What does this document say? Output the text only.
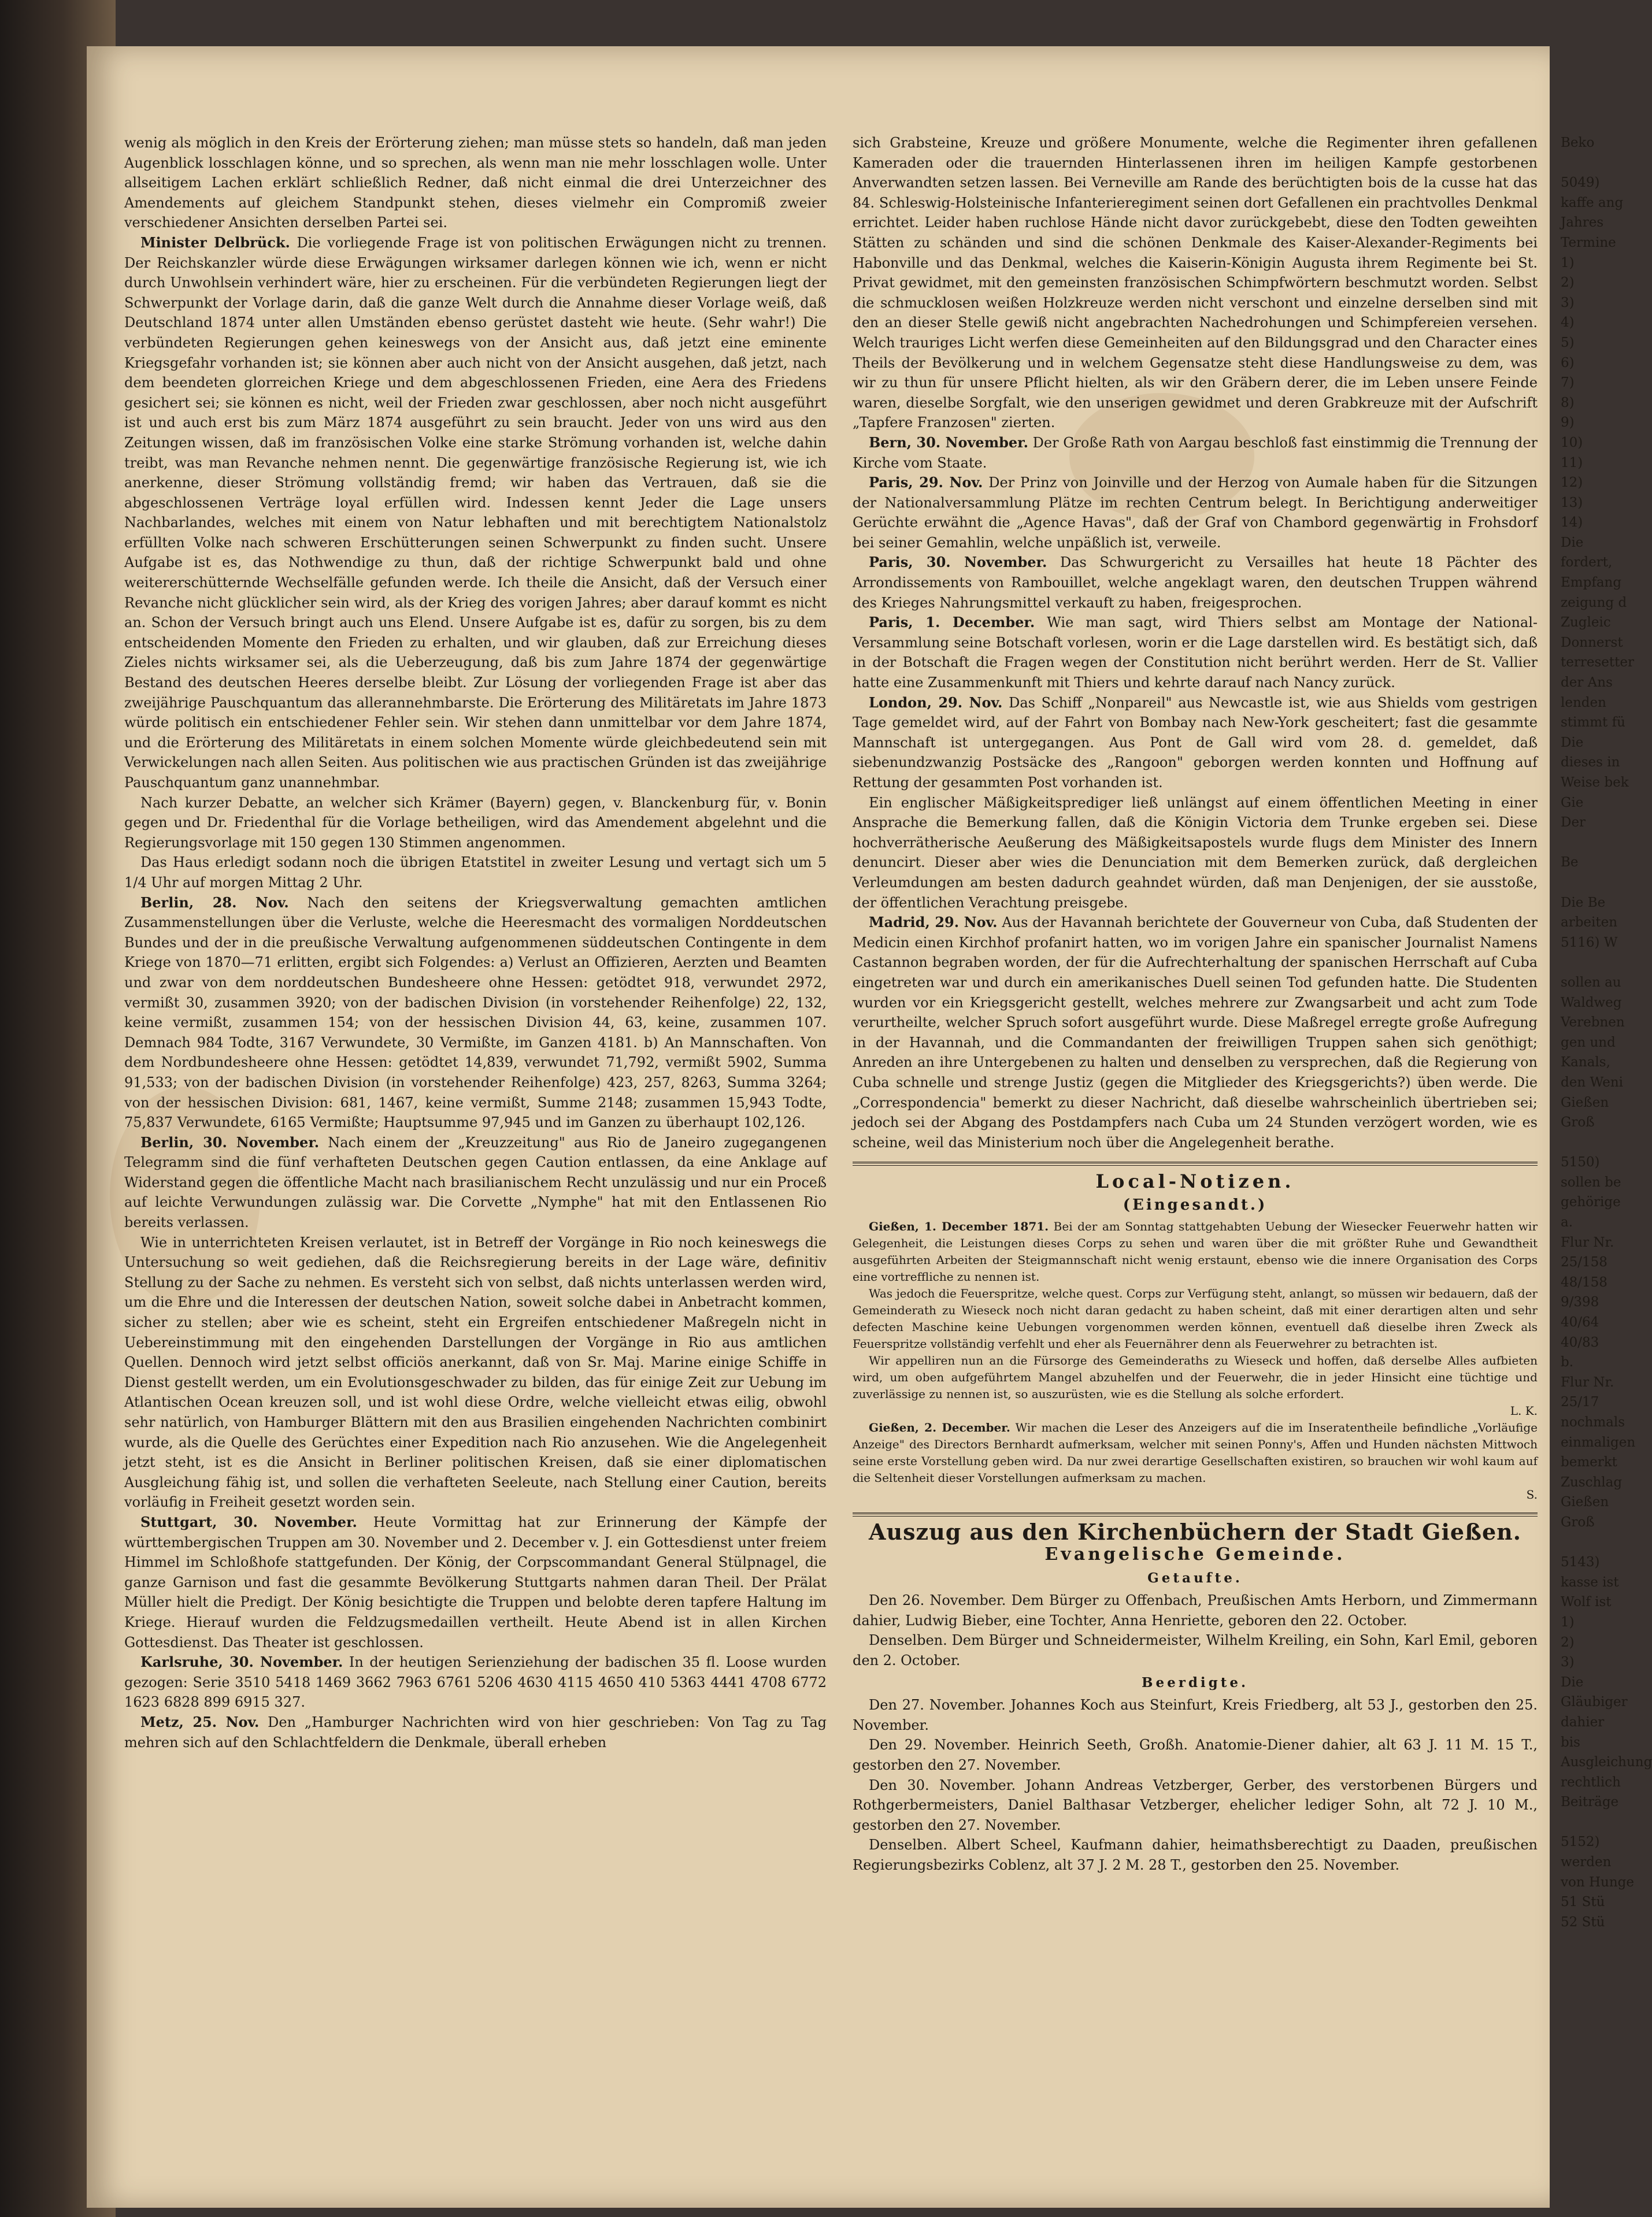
wenig als möglich in den Kreis der Erörterung ziehen; man müsse stets so handeln, daß man jeden Augenblick losschlagen könne, und so sprechen, als wenn man nie mehr losschlagen wolle. Unter allseitigem Lachen erklärt schließlich Redner, daß nicht einmal die drei Unterzeichner des Amendements auf gleichem Standpunkt stehen, dieses vielmehr ein Compromiß zweier verschiedener Ansichten derselben Partei sei.

Minister Delbrück. Die vorliegende Frage ist von politischen Erwägungen nicht zu trennen. Der Reichskanzler würde diese Erwägungen wirksamer darlegen können wie ich, wenn er nicht durch Unwohlsein verhindert wäre, hier zu erscheinen. Für die verbündeten Regierungen liegt der Schwerpunkt der Vorlage darin, daß die ganze Welt durch die Annahme dieser Vorlage weiß, daß Deutschland 1874 unter allen Umständen ebenso gerüstet dasteht wie heute. (Sehr wahr!) Die verbündeten Regierungen gehen keineswegs von der Ansicht aus, daß jetzt eine eminente Kriegsgefahr vorhanden ist; sie können aber auch nicht von der Ansicht ausgehen, daß jetzt, nach dem beendeten glorreichen Kriege und dem abgeschlossenen Frieden, eine Aera des Friedens gesichert sei; sie können es nicht, weil der Frieden zwar geschlossen, aber noch nicht ausgeführt ist und auch erst bis zum März 1874 ausgeführt zu sein braucht. Jeder von uns wird aus den Zeitungen wissen, daß im französischen Volke eine starke Strömung vorhanden ist, welche dahin treibt, was man Revanche nehmen nennt. Die gegenwärtige französische Regierung ist, wie ich anerkenne, dieser Strömung vollständig fremd; wir haben das Vertrauen, daß sie die abgeschlossenen Verträge loyal erfüllen wird. Indessen kennt Jeder die Lage unsers Nachbarlandes, welches mit einem von Natur lebhaften und mit berechtigtem Nationalstolz erfüllten Volke nach schweren Erschütterungen seinen Schwerpunkt zu finden sucht. Unsere Aufgabe ist es, das Nothwendige zu thun, daß der richtige Schwerpunkt bald und ohne weitererschütternde Wechselfälle gefunden werde. Ich theile die Ansicht, daß der Versuch einer Revanche nicht glücklicher sein wird, als der Krieg des vorigen Jahres; aber darauf kommt es nicht an. Schon der Versuch bringt auch uns Elend. Unsere Aufgabe ist es, dafür zu sorgen, bis zu dem entscheidenden Momente den Frieden zu erhalten, und wir glauben, daß zur Erreichung dieses Zieles nichts wirksamer sei, als die Ueberzeugung, daß bis zum Jahre 1874 der gegenwärtige Bestand des deutschen Heeres derselbe bleibt. Zur Lösung der vorliegenden Frage ist aber das zweijährige Pauschquantum das allerannehmbarste. Die Erörterung des Militäretats im Jahre 1873 würde politisch ein entschiedener Fehler sein. Wir stehen dann unmittelbar vor dem Jahre 1874, und die Erörterung des Militäretats in einem solchen Momente würde gleichbedeutend sein mit Verwickelungen nach allen Seiten. Aus politischen wie aus practischen Gründen ist das zweijährige Pauschquantum ganz unannehmbar.

Nach kurzer Debatte, an welcher sich Krämer (Bayern) gegen, v. Blanckenburg für, v. Bonin gegen und Dr. Friedenthal für die Vorlage betheiligen, wird das Amendement abgelehnt und die Regierungsvorlage mit 150 gegen 130 Stimmen angenommen.

Das Haus erledigt sodann noch die übrigen Etatstitel in zweiter Lesung und vertagt sich um 5 1/4 Uhr auf morgen Mittag 2 Uhr.

Berlin, 28. Nov. Nach den seitens der Kriegsverwaltung gemachten amtlichen Zusammenstellungen über die Verluste, welche die Heeresmacht des vormaligen Norddeutschen Bundes und der in die preußische Verwaltung aufgenommenen süddeutschen Contingente in dem Kriege von 1870—71 erlitten, ergibt sich Folgendes: a) Verlust an Offizieren, Aerzten und Beamten und zwar von dem norddeutschen Bundesheere ohne Hessen: getödtet 918, verwundet 2972, vermißt 30, zusammen 3920; von der badischen Division (in vorstehender Reihenfolge) 22, 132, keine vermißt, zusammen 154; von der hessischen Division 44, 63, keine, zusammen 107. Demnach 984 Todte, 3167 Verwundete, 30 Vermißte, im Ganzen 4181. b) An Mannschaften. Von dem Nordbundesheere ohne Hessen: getödtet 14,839, verwundet 71,792, vermißt 5902, Summa 91,533; von der badischen Division (in vorstehender Reihenfolge) 423, 257, 8263, Summa 3264; von der hessischen Division: 681, 1467, keine vermißt, Summe 2148; zusammen 15,943 Todte, 75,837 Verwundete, 6165 Vermißte; Hauptsumme 97,945 und im Ganzen zu überhaupt 102,126.

Berlin, 30. November. Nach einem der „Kreuzzeitung" aus Rio de Janeiro zugegangenen Telegramm sind die fünf verhafteten Deutschen gegen Caution entlassen, da eine Anklage auf Widerstand gegen die öffentliche Macht nach brasilianischem Recht unzulässig und nur ein Proceß auf leichte Verwundungen zulässig war. Die Corvette „Nymphe" hat mit den Entlassenen Rio bereits verlassen.

Wie in unterrichteten Kreisen verlautet, ist in Betreff der Vorgänge in Rio noch keineswegs die Untersuchung so weit gediehen, daß die Reichsregierung bereits in der Lage wäre, definitiv Stellung zu der Sache zu nehmen. Es versteht sich von selbst, daß nichts unterlassen werden wird, um die Ehre und die Interessen der deutschen Nation, soweit solche dabei in Anbetracht kommen, sicher zu stellen; aber wie es scheint, steht ein Ergreifen entschiedener Maßregeln nicht in Uebereinstimmung mit den eingehenden Darstellungen der Vorgänge in Rio aus amtlichen Quellen. Dennoch wird jetzt selbst officiös anerkannt, daß von Sr. Maj. Marine einige Schiffe in Dienst gestellt werden, um ein Evolutionsgeschwader zu bilden, das für einige Zeit zur Uebung im Atlantischen Ocean kreuzen soll, und ist wohl diese Ordre, welche vielleicht etwas eilig, obwohl sehr natürlich, von Hamburger Blättern mit den aus Brasilien eingehenden Nachrichten combinirt wurde, als die Quelle des Gerüchtes einer Expedition nach Rio anzusehen. Wie die Angelegenheit jetzt steht, ist es die Ansicht in Berliner politischen Kreisen, daß sie einer diplomatischen Ausgleichung fähig ist, und sollen die verhafteten Seeleute, nach Stellung einer Caution, bereits vorläufig in Freiheit gesetzt worden sein.

Stuttgart, 30. November. Heute Vormittag hat zur Erinnerung der Kämpfe der württembergischen Truppen am 30. November und 2. December v. J. ein Gottesdienst unter freiem Himmel im Schloßhofe stattgefunden. Der König, der Corpscommandant General Stülpnagel, die ganze Garnison und fast die gesammte Bevölkerung Stuttgarts nahmen daran Theil. Der Prälat Müller hielt die Predigt. Der König besichtigte die Truppen und belobte deren tapfere Haltung im Kriege. Hierauf wurden die Feldzugsmedaillen vertheilt. Heute Abend ist in allen Kirchen Gottesdienst. Das Theater ist geschlossen.

Karlsruhe, 30. November. In der heutigen Serienziehung der badischen 35 fl. Loose wurden gezogen: Serie 3510 5418 1469 3662 7963 6761 5206 4630 4115 4650 410 5363 4441 4708 6772 1623 6828 899 6915 327.

Metz, 25. Nov. Den „Hamburger Nachrichten wird von hier geschrieben: Von Tag zu Tag mehren sich auf den Schlachtfeldern die Denkmale, überall erheben

sich Grabsteine, Kreuze und größere Monumente, welche die Regimenter ihren gefallenen Kameraden oder die trauernden Hinterlassenen ihren im heiligen Kampfe gestorbenen Anverwandten setzen lassen. Bei Verneville am Rande des berüchtigten bois de la cusse hat das 84. Schleswig-Holsteinische Infanterieregiment seinen dort Gefallenen ein prachtvolles Denkmal errichtet. Leider haben ruchlose Hände nicht davor zurückgebebt, diese den Todten geweihten Stätten zu schänden und sind die schönen Denkmale des Kaiser-Alexander-Regiments bei Habonville und das Denkmal, welches die Kaiserin-Königin Augusta ihrem Regimente bei St. Privat gewidmet, mit den gemeinsten französischen Schimpfwörtern beschmutzt worden. Selbst die schmucklosen weißen Holzkreuze werden nicht verschont und einzelne derselben sind mit den an dieser Stelle gewiß nicht angebrachten Nachedrohungen und Schimpfereien versehen. Welch trauriges Licht werfen diese Gemeinheiten auf den Bildungsgrad und den Character eines Theils der Bevölkerung und in welchem Gegensatze steht diese Handlungsweise zu dem, was wir zu thun für unsere Pflicht hielten, als wir den Gräbern derer, die im Leben unsere Feinde waren, dieselbe Sorgfalt, wie den unserigen gewidmet und deren Grabkreuze mit der Aufschrift „Tapfere Franzosen" zierten.

Bern, 30. November. Der Große Rath von Aargau beschloß fast einstimmig die Trennung der Kirche vom Staate.

Paris, 29. Nov. Der Prinz von Joinville und der Herzog von Aumale haben für die Sitzungen der Nationalversammlung Plätze im rechten Centrum belegt. In Berichtigung anderweitiger Gerüchte erwähnt die „Agence Havas", daß der Graf von Chambord gegenwärtig in Frohsdorf bei seiner Gemahlin, welche unpäßlich ist, verweile.

Paris, 30. November. Das Schwurgericht zu Versailles hat heute 18 Pächter des Arrondissements von Rambouillet, welche angeklagt waren, den deutschen Truppen während des Krieges Nahrungsmittel verkauft zu haben, freigesprochen.

Paris, 1. December. Wie man sagt, wird Thiers selbst am Montage der National-Versammlung seine Botschaft vorlesen, worin er die Lage darstellen wird. Es bestätigt sich, daß in der Botschaft die Fragen wegen der Constitution nicht berührt werden. Herr de St. Vallier hatte eine Zusammenkunft mit Thiers und kehrte darauf nach Nancy zurück.

London, 29. Nov. Das Schiff „Nonpareil" aus Newcastle ist, wie aus Shields vom gestrigen Tage gemeldet wird, auf der Fahrt von Bombay nach New-York gescheitert; fast die gesammte Mannschaft ist untergegangen. Aus Pont de Gall wird vom 28. d. gemeldet, daß siebenundzwanzig Postsäcke des „Rangoon" geborgen werden konnten und Hoffnung auf Rettung der gesammten Post vorhanden ist.

Ein englischer Mäßigkeitsprediger ließ unlängst auf einem öffentlichen Meeting in einer Ansprache die Bemerkung fallen, daß die Königin Victoria dem Trunke ergeben sei. Diese hochverrätherische Aeußerung des Mäßigkeitsapostels wurde flugs dem Minister des Innern denuncirt. Dieser aber wies die Denunciation mit dem Bemerken zurück, daß dergleichen Verleumdungen am besten dadurch geahndet würden, daß man Denjenigen, der sie ausstoße, der öffentlichen Verachtung preisgebe.

Madrid, 29. Nov. Aus der Havannah berichtete der Gouverneur von Cuba, daß Studenten der Medicin einen Kirchhof profanirt hatten, wo im vorigen Jahre ein spanischer Journalist Namens Castannon begraben worden, der für die Aufrechterhaltung der spanischen Herrschaft auf Cuba eingetreten war und durch ein amerikanisches Duell seinen Tod gefunden hatte. Die Studenten wurden vor ein Kriegsgericht gestellt, welches mehrere zur Zwangsarbeit und acht zum Tode verurtheilte, welcher Spruch sofort ausgeführt wurde. Diese Maßregel erregte große Aufregung in der Havannah, und die Commandanten der freiwilligen Truppen sahen sich genöthigt; Anreden an ihre Untergebenen zu halten und denselben zu versprechen, daß die Regierung von Cuba schnelle und strenge Justiz (gegen die Mitglieder des Kriegsgerichts?) üben werde. Die „Correspondencia" bemerkt zu dieser Nachricht, daß dieselbe wahrscheinlich übertrieben sei; jedoch sei der Abgang des Postdampfers nach Cuba um 24 Stunden verzögert worden, wie es scheine, weil das Ministerium noch über die Angelegenheit berathe.

Local-Notizen.
(Eingesandt.)

Gießen, 1. December 1871. Bei der am Sonntag stattgehabten Uebung der Wiesecker Feuerwehr hatten wir Gelegenheit, die Leistungen dieses Corps zu sehen und waren über die mit größter Ruhe und Gewandtheit ausgeführten Arbeiten der Steigmannschaft nicht wenig erstaunt, ebenso wie die innere Organisation des Corps eine vortreffliche zu nennen ist.

Was jedoch die Feuerspritze, welche quest. Corps zur Verfügung steht, anlangt, so müssen wir bedauern, daß der Gemeinderath zu Wieseck noch nicht daran gedacht zu haben scheint, daß mit einer derartigen alten und sehr defecten Maschine keine Uebungen vorgenommen werden können, eventuell daß dieselbe ihren Zweck als Feuerspritze vollständig verfehlt und eher als Feuernährer denn als Feuerwehrer zu betrachten ist.

Wir appelliren nun an die Fürsorge des Gemeinderaths zu Wieseck und hoffen, daß derselbe Alles aufbieten wird, um oben aufgeführtem Mangel abzuhelfen und der Feuerwehr, die in jeder Hinsicht eine tüchtige und zuverlässige zu nennen ist, so auszurüsten, wie es die Stellung als solche erfordert.

L. K.

Gießen, 2. December. Wir machen die Leser des Anzeigers auf die im Inseratentheile befindliche „Vorläufige Anzeige" des Directors Bernhardt aufmerksam, welcher mit seinen Ponny's, Affen und Hunden nächsten Mittwoch seine erste Vorstellung geben wird. Da nur zwei derartige Gesellschaften existiren, so brauchen wir wohl kaum auf die Seltenheit dieser Vorstellungen aufmerksam zu machen.

S.

Auszug aus den Kirchenbüchern der Stadt Gießen.
Evangelische Gemeinde.
Getaufte.

Den 26. November. Dem Bürger zu Offenbach, Preußischen Amts Herborn, und Zimmermann dahier, Ludwig Bieber, eine Tochter, Anna Henriette, geboren den 22. October.

Denselben. Dem Bürger und Schneidermeister, Wilhelm Kreiling, ein Sohn, Karl Emil, geboren den 2. October.

Beerdigte.

Den 27. November. Johannes Koch aus Steinfurt, Kreis Friedberg, alt 53 J., gestorben den 25. November.

Den 29. November. Heinrich Seeth, Großh. Anatomie-Diener dahier, alt 63 J. 11 M. 15 T., gestorben den 27. November.

Den 30. November. Johann Andreas Vetzberger, Gerber, des verstorbenen Bürgers und Rothgerbermeisters, Daniel Balthasar Vetzberger, ehelicher lediger Sohn, alt 72 J. 10 M., gestorben den 27. November.

Denselben. Albert Scheel, Kaufmann dahier, heimathsberechtigt zu Daaden, preußischen Regierungsbezirks Coblenz, alt 37 J. 2 M. 28 T., gestorben den 25. November.

Beko

5049)
kaffe ang
Jahres
Termine
1)
2)
3)
4)
5)
6)
7)
8)
9)
10)
11)
12)
13)
14)
Die
fordert,
Empfang
zeigung d
Zugleic
Donnerst
terresetter
der Ans
lenden
stimmt fü
Die
dieses in
Weise bek
Gie
Der

Be

Die Be
arbeiten
5116) W

sollen au
Waldweg
Verebnen
gen und
Kanals,
den Weni
Gießen
Groß

5150)
sollen be
gehörige
a.
Flur Nr.
25/158
48/158
9/398
40/64
40/83
b.
Flur Nr.
25/17
nochmals
einmaligen
bemerkt
Zuschlag
Gießen
Groß

5143)
kasse ist
Wolf ist
1)
2)
3)
Die
Gläubiger
dahier
bis
Ausgleichung
rechtlich
Beiträge

5152)
werden
von Hunge
51 Stü
52 Stü
